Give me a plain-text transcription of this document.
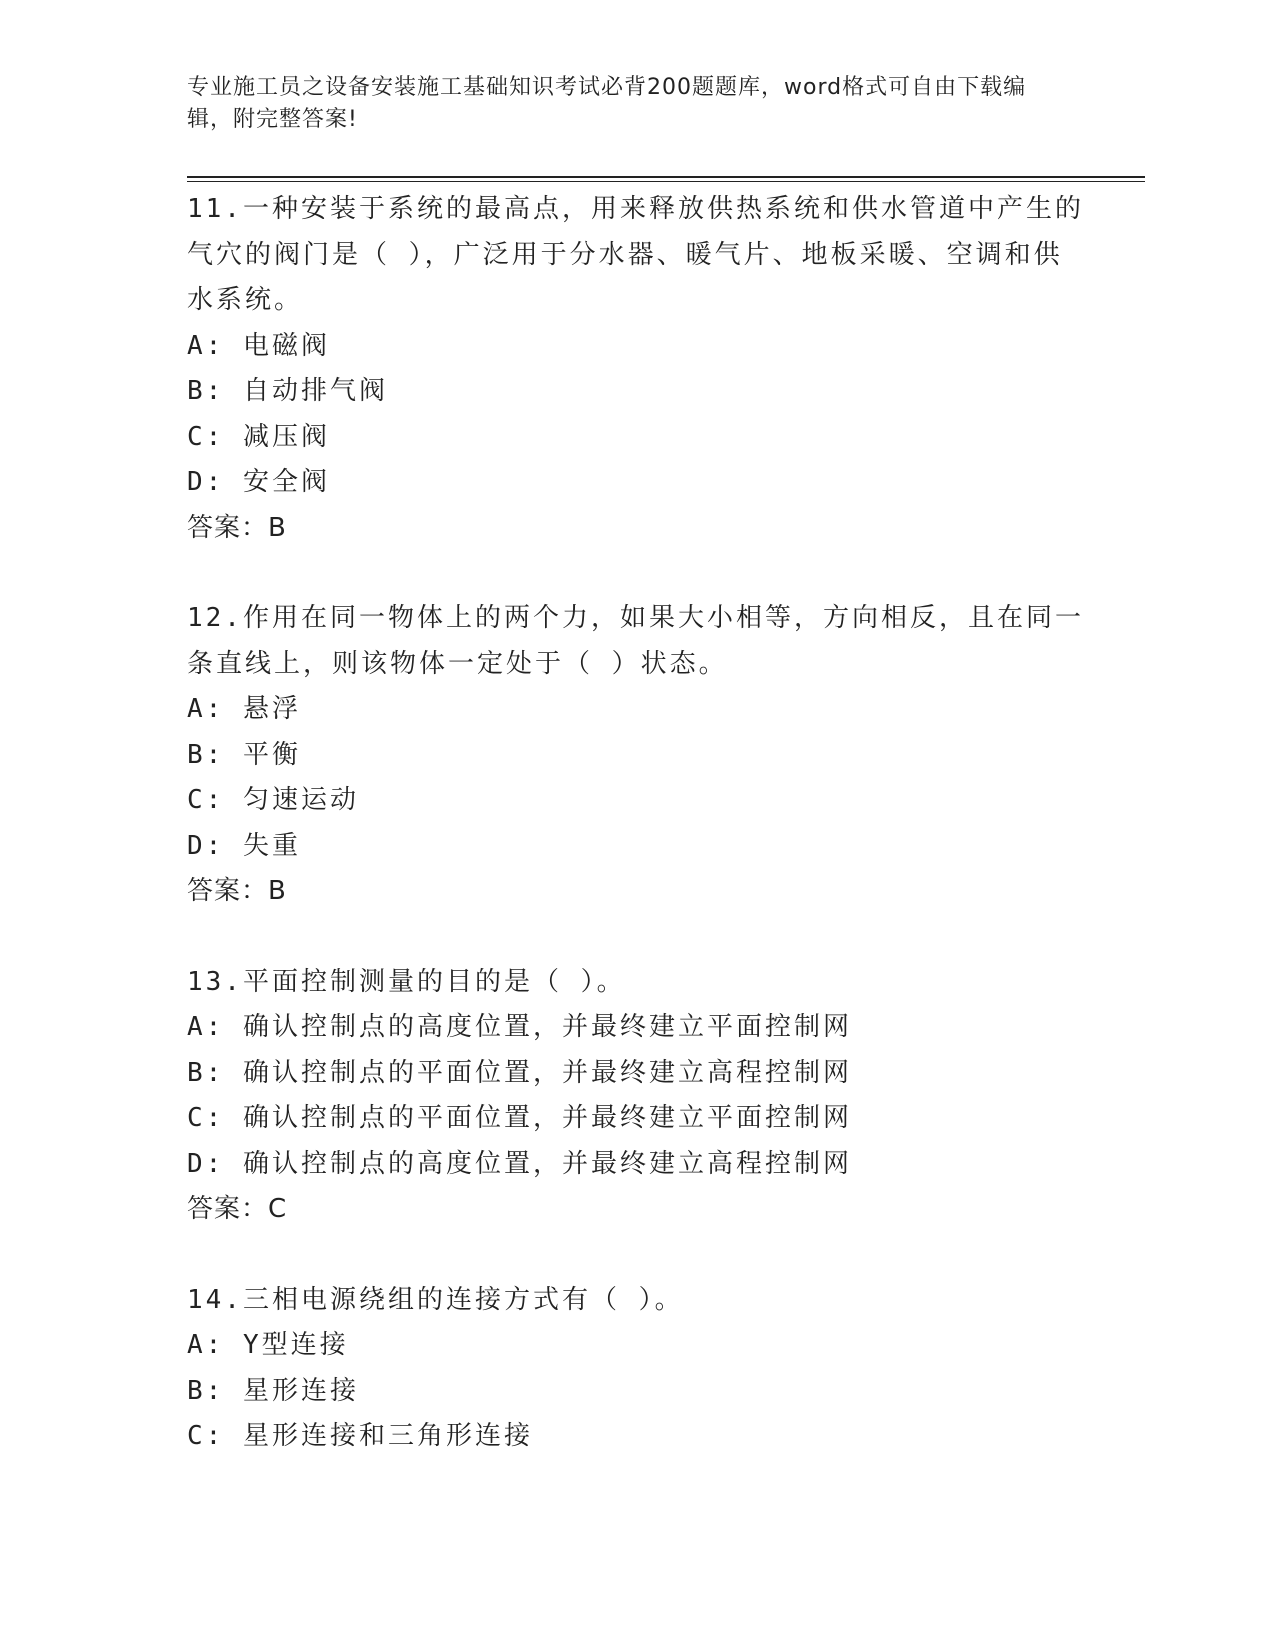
专业施工员之设备安装施工基础知识考试必背200题题库，word格式可自由下载编辑，附完整答案!
11.一种安装于系统的最高点，用来释放供热系统和供水管道中产生的气穴的阀门是（ ），广泛用于分水器、暖气片、地板采暖、空调和供水系统。
A: 电磁阀
B: 自动排气阀
C: 减压阀
D: 安全阀
答案：B
12.作用在同一物体上的两个力，如果大小相等，方向相反，且在同一条直线上，则该物体一定处于（ ）状态。
A: 悬浮
B: 平衡
C: 匀速运动
D: 失重
答案：B
13.平面控制测量的目的是（ ）。
A: 确认控制点的高度位置，并最终建立平面控制网
B: 确认控制点的平面位置，并最终建立高程控制网
C: 确认控制点的平面位置，并最终建立平面控制网
D: 确认控制点的高度位置，并最终建立高程控制网
答案：C
14.三相电源绕组的连接方式有（ ）。
A: Y型连接
B: 星形连接
C: 星形连接和三角形连接
